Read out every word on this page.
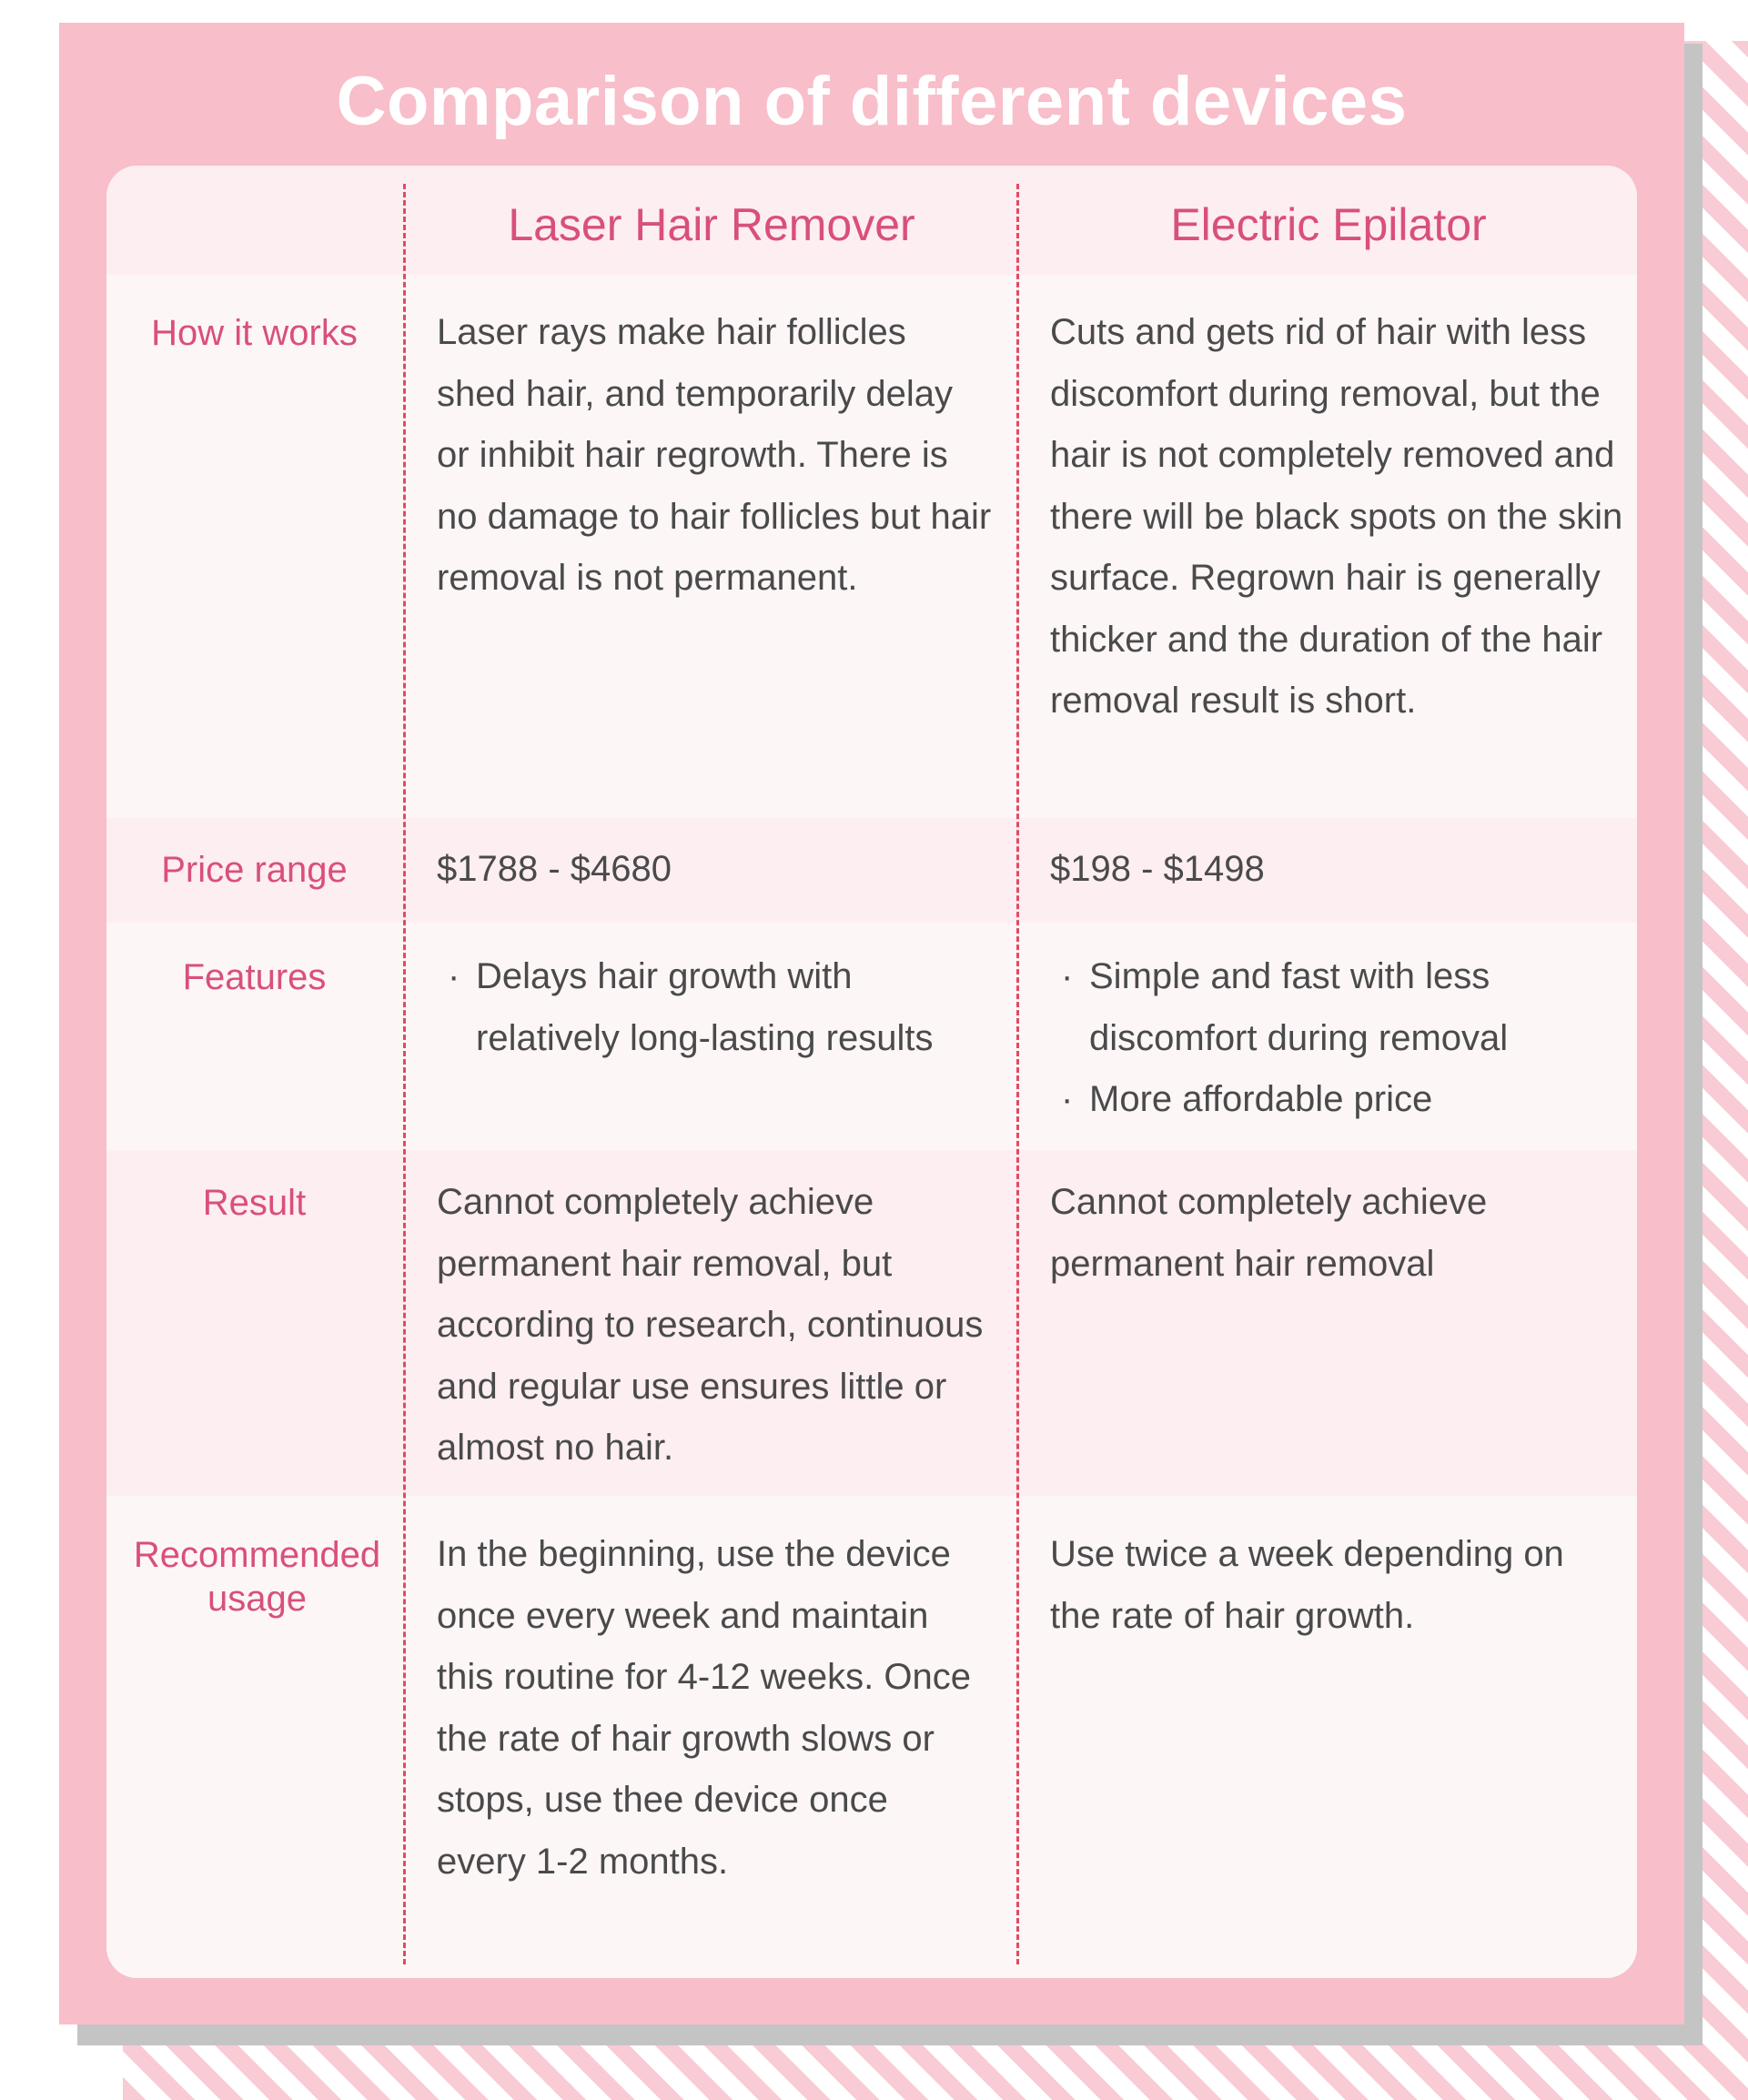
Comparison of different devices
Laser Hair Remover	Electric Epilator
How it works	Laser rays make hair follicles shed hair, and temporarily delay or inhibit hair regrowth. There is no damage to hair follicles but hair removal is not permanent.
Cuts and gets rid of hair with less discomfort during removal, but the hair is not completely removed and there will be black spots on the skin surface. Regrown hair is generally thicker and the duration of the hair removal result is short.
Price range	$1788 - $4680	$198 - $1498
Features
·	Delays hair growth with relatively long-lasting results
· Simple and fast with less discomfort during removal
· More affordable price
Result	Cannot completely achieve permanent hair removal, but according to research, continuous and regular use ensures little or almost no hair.
Cannot completely achieve permanent hair removal
Recommended usage
In the beginning, use the device once every week and maintain this routine for 4-12 weeks. Once the rate of hair growth slows or stops, use thee device once every 1-2 months.
Use twice a week depending on the rate of hair growth.
